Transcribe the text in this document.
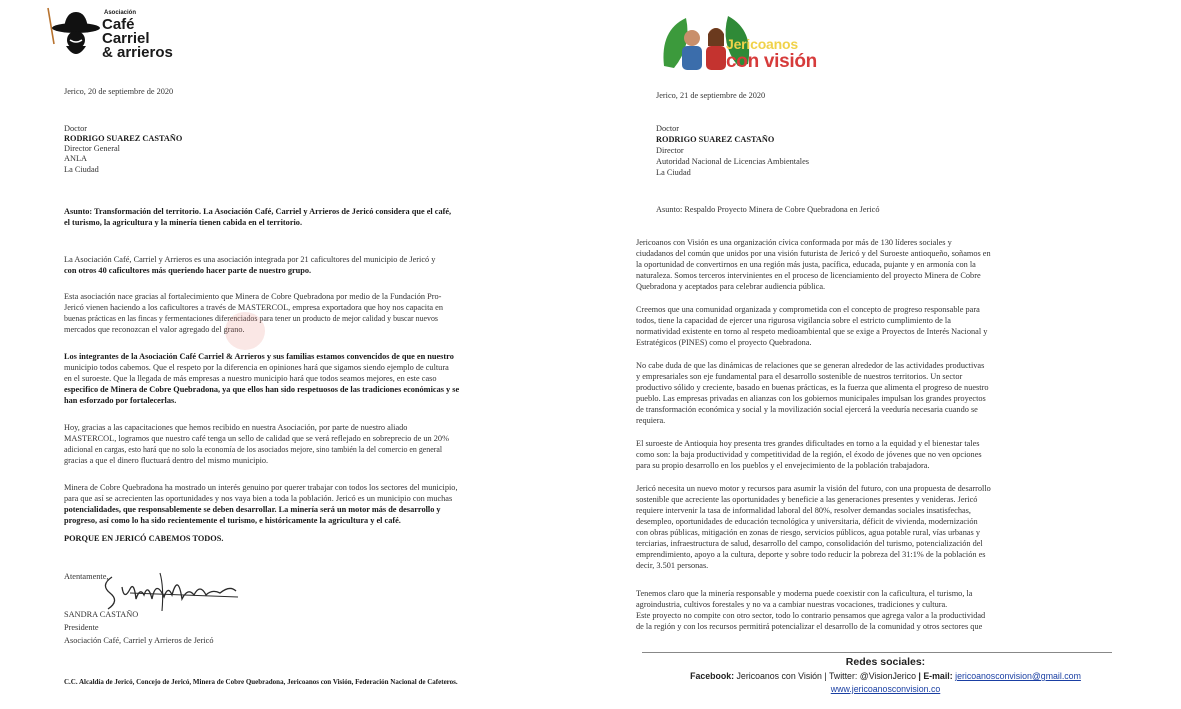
Asociación
Café
Carriel
& arrieros
Jerico, 20 de septiembre de 2020
Doctor
RODRIGO SUAREZ CASTAÑO
Director General
ANLA
La Ciudad
Asunto: Transformación del territorio. La Asociación Café, Carriel y Arrieros de Jericó considera que el café,
el turismo, la agricultura y la minería tienen cabida en el territorio.
La Asociación Café, Carriel y Arrieros es una asociación integrada por 21 caficultores del municipio de Jericó y
con otros 40 caficultores más queriendo hacer parte de nuestro grupo.
Esta asociación nace gracias al fortalecimiento que Minera de Cobre Quebradona por medio de la Fundación Pro-
Jericó vienen haciendo a los caficultores a través de MASTERCOL, empresa exportadora que hoy nos capacita en
buenas prácticas en las fincas y fermentaciones diferenciados para tener un producto de mejor calidad y buscar nuevos
mercados que reconozcan el valor agregado del grano.
Los integrantes de la Asociación Café Carriel & Arrieros y sus familias estamos convencidos de que en nuestro
municipio todos cabemos. Que el respeto por la diferencia en opiniones hará que sigamos siendo ejemplo de cultura
en el suroeste. Que la llegada de más empresas a nuestro municipio hará que todos seamos mejores, en este caso
especifico de Minera de Cobre Quebradona, ya que ellos han sido respetuosos de las tradiciones económicas y se
han esforzado por fortalecerlas.
Hoy, gracias a las capacitaciones que hemos recibido en nuestra Asociación, por parte de nuestro aliado
MASTERCOL, logramos que nuestro café tenga un sello de calidad que se verá reflejado en sobreprecio de un 20%
adicional en cargas, esto hará que no solo la economía de los asociados mejore, sino también la del comercio en general
gracias a que el dinero fluctuará dentro del mismo municipio.
Minera de Cobre Quebradona ha mostrado un interés genuino por querer trabajar con todos los sectores del municipio,
para que así se acrecienten las oportunidades y nos vaya bien a toda la población. Jericó es un municipio con muchas
potencialidades, que responsablemente se deben desarrollar. La minería será un motor más de desarrollo y
progreso, así como lo ha sido recientemente el turismo, e históricamente la agricultura y el café.
PORQUE EN JERICÓ CABEMOS TODOS.
Atentamente,
SANDRA CASTAÑO
Presidente
Asociación Café, Carriel y Arrieros de Jericó
C.C. Alcaldía de Jericó, Concejo de Jericó, Minera de Cobre Quebradona, Jericoanos con Visión, Federación Nacional de Cafeteros.
Jericoanos
con visión
Jerico, 21 de septiembre de 2020
Doctor
RODRIGO SUAREZ CASTAÑO
Director
Autoridad Nacional de Licencias Ambientales
La Ciudad
Asunto: Respaldo Proyecto Minera de Cobre Quebradona en Jericó
Jericoanos con Visión es una organización cívica conformada por más de 130 líderes sociales y
ciudadanos del común que unidos por una visión futurista de Jericó y del Suroeste antioqueño, soñamos en
la oportunidad de convertirnos en una región más justa, pacífica, educada, pujante y en armonía con la
naturaleza. Somos terceros intervinientes en el proceso de licenciamiento del proyecto Minera de Cobre
Quebradona y aceptados para celebrar audiencia pública.
Creemos que una comunidad organizada y comprometida con el concepto de progreso responsable para
todos, tiene la capacidad de ejercer una rigurosa vigilancia sobre el estricto cumplimiento de la
normatividad existente en torno al respeto medioambiental que se exige a Proyectos de Interés Nacional y
Estratégicos (PINES) como el proyecto Quebradona.
No cabe duda de que las dinámicas de relaciones que se generan alrededor de las actividades productivas
y empresariales son eje fundamental para el desarrollo sostenible de nuestros territorios. Un sector
productivo sólido y creciente, basado en buenas prácticas, es la fuerza que alimenta el progreso de nuestro
pueblo. Las empresas privadas en alianzas con los gobiernos municipales impulsan los grandes proyectos
de transformación económica y social y la movilización social ejercerá la veeduría necesaria cuando se
requiera.
El suroeste de Antioquia hoy presenta tres grandes dificultades en torno a la equidad y el bienestar tales
como son: la baja productividad y competitividad de la región, el éxodo de jóvenes que no ven opciones
para su propio desarrollo en los pueblos y el envejecimiento de la población trabajadora.
Jericó necesita un nuevo motor y recursos para asumir la visión del futuro, con una propuesta de desarrollo
sostenible que acreciente las oportunidades y beneficie a las generaciones presentes y venideras. Jericó
requiere intervenir la tasa de informalidad laboral del 80%, resolver demandas sociales insatisfechas,
desempleo, oportunidades de educación tecnológica y universitaria, déficit de vivienda, modernización
con obras públicas, mitigación en zonas de riesgo, servicios públicos, agua potable rural, vías urbanas y
terciarias, infraestructura de salud, desarrollo del campo, consolidación del turismo, potencialización del
emprendimiento, apoyo a la cultura, deporte y sobre todo reducir la pobreza del 31:1% de la población es
decir, 3.501 personas.
Tenemos claro que la minería responsable y moderna puede coexistir con la caficultura, el turismo, la
agroindustria, cultivos forestales y no va a cambiar nuestras vocaciones, tradiciones y cultura.
Este proyecto no compite con otro sector, todo lo contrario pensamos que agrega valor a la productividad
de la región y con los recursos permitirá potencializar el desarrollo de la comunidad y otros sectores que
Redes sociales:
Facebook: Jericoanos con Visión | Twitter: @VisionJerico | E-mail: jericoanosconvision@gmail.com
www.jericoanosconvision.co
